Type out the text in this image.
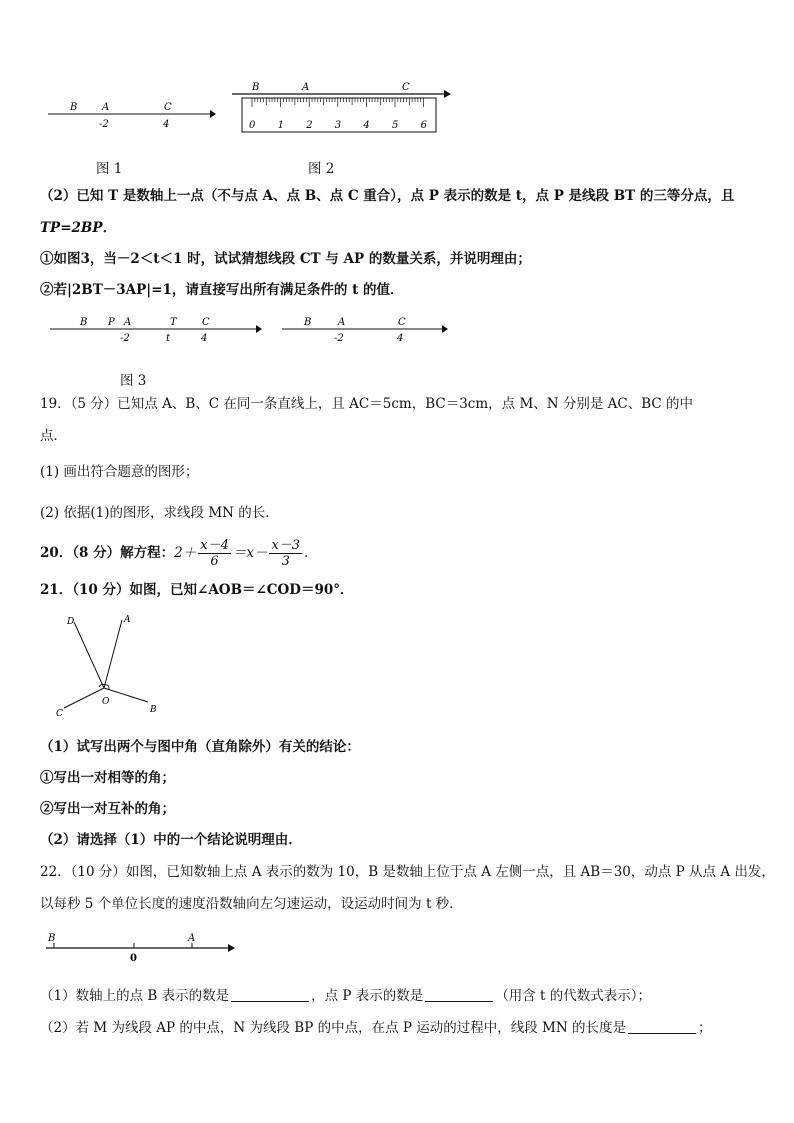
B A
-2
C
4
图 1
B	A	C
0 1 2 3 4 5 6
图 2
（2）已知 T 是数轴上一点（不与点 A、点 B、点 C 重合），点 P 表示的数是 t，点 P 是线段 BT 的三等分点，且
TP=2BP．
①如图3，当－2＜t＜1 时，试试猜想线段 CT 与 AP 的数量关系，并说明理由；
②若|2BT－3AP|=1，请直接写出所有满足条件的 t 的值．
B P A
-2
T
t
C
4
B	A
-2
C
4
图 3
19．（5 分）已知点 A、B、C 在同一条直线上，且 AC＝5cm，BC＝3cm，点 M、N 分别是 AC、BC 的中
点．
(1) 画出符合题意的图形；
(2) 依据(1)的图形，求线段 MN 的长．
20．（8 分）解方程：$2+ \frac{x-4}{6} =x- \frac{x-3}{3}$ ．
21．（10 分）如图，已知∠AOB＝∠COD＝90°．
D	A
O
C	B
（1）试写出两个与图中角（直角除外）有关的结论：
①写出一对相等的角；
②写出一对互补的角；
（2）请选择（1）中的一个结论说明理由．
22．（10 分）如图，已知数轴上点 A 表示的数为 10，B 是数轴上位于点 A 左侧一点，且 AB＝30，动点 P 从点 A 出发，
以每秒 5 个单位长度的速度沿数轴向左匀速运动，设运动时间为 t 秒．
B
0
A
（1）数轴上的点 B 表示的数是	，点 P 表示的数是	（用含 t 的代数式表示）；
（2）若 M 为线段 AP 的中点，N 为线段 BP 的中点，在点 P 运动的过程中，线段 MN 的长度是	；
